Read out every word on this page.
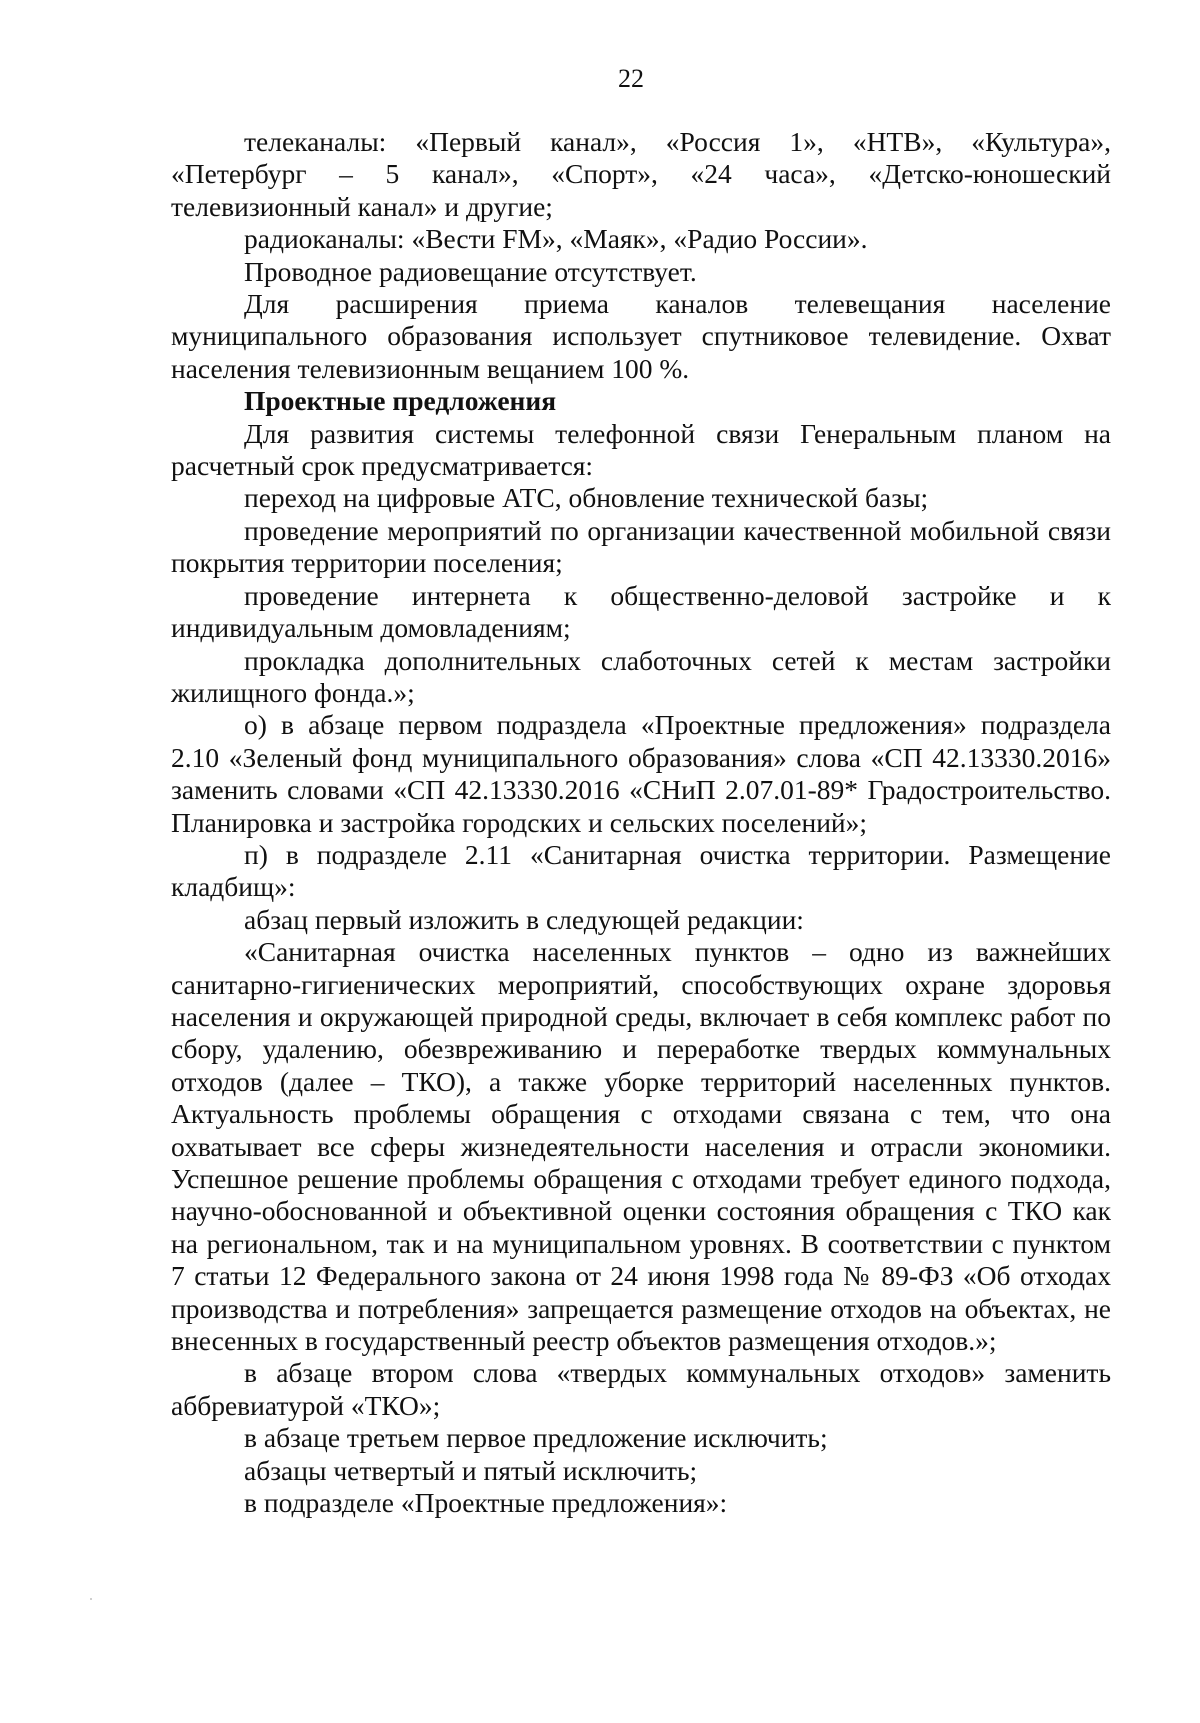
22

телеканалы: «Первый канал», «Россия 1», «НТВ», «Культура», «Петербург – 5 канал», «Спорт», «24 часа», «Детско-юношеский телевизионный канал» и другие;

радиоканалы: «Вести FM», «Маяк», «Радио России».

Проводное радиовещание отсутствует.

Для расширения приема каналов телевещания население муниципального образования использует спутниковое телевидение. Охват населения телевизионным вещанием 100 %.

Проектные предложения

Для развития системы телефонной связи Генеральным планом на расчетный срок предусматривается:

переход на цифровые АТС, обновление технической базы;

проведение мероприятий по организации качественной мобильной связи покрытия территории поселения;

проведение интернета к общественно-деловой застройке и к индивидуальным домовладениям;

прокладка дополнительных слаботочных сетей к местам застройки жилищного фонда.»;

о) в абзаце первом подраздела «Проектные предложения» подраздела 2.10 «Зеленый фонд муниципального образования» слова «СП 42.13330.2016» заменить словами «СП 42.13330.2016 «СНиП 2.07.01-89* Градостроительство. Планировка и застройка городских и сельских поселений»;

п) в подразделе 2.11 «Санитарная очистка территории. Размещение кладбищ»:

абзац первый изложить в следующей редакции:

«Санитарная очистка населенных пунктов – одно из важнейших санитарно-гигиенических мероприятий, способствующих охране здоровья населения и окружающей природной среды, включает в себя комплекс работ по сбору, удалению, обезвреживанию и переработке твердых коммунальных отходов (далее – ТКО), а также уборке территорий населенных пунктов. Актуальность проблемы обращения с отходами связана с тем, что она охватывает все сферы жизнедеятельности населения и отрасли экономики. Успешное решение проблемы обращения с отходами требует единого подхода, научно-обоснованной и объективной оценки состояния обращения с ТКО как на региональном, так и на муниципальном уровнях. В соответствии с пунктом 7 статьи 12 Федерального закона от 24 июня 1998 года № 89-ФЗ «Об отходах производства и потребления» запрещается размещение отходов на объектах, не внесенных в государственный реестр объектов размещения отходов.»;

в абзаце втором слова «твердых коммунальных отходов» заменить аббревиатурой «ТКО»;

в абзаце третьем первое предложение исключить;

абзацы четвертый и пятый исключить;

в подразделе «Проектные предложения»:
